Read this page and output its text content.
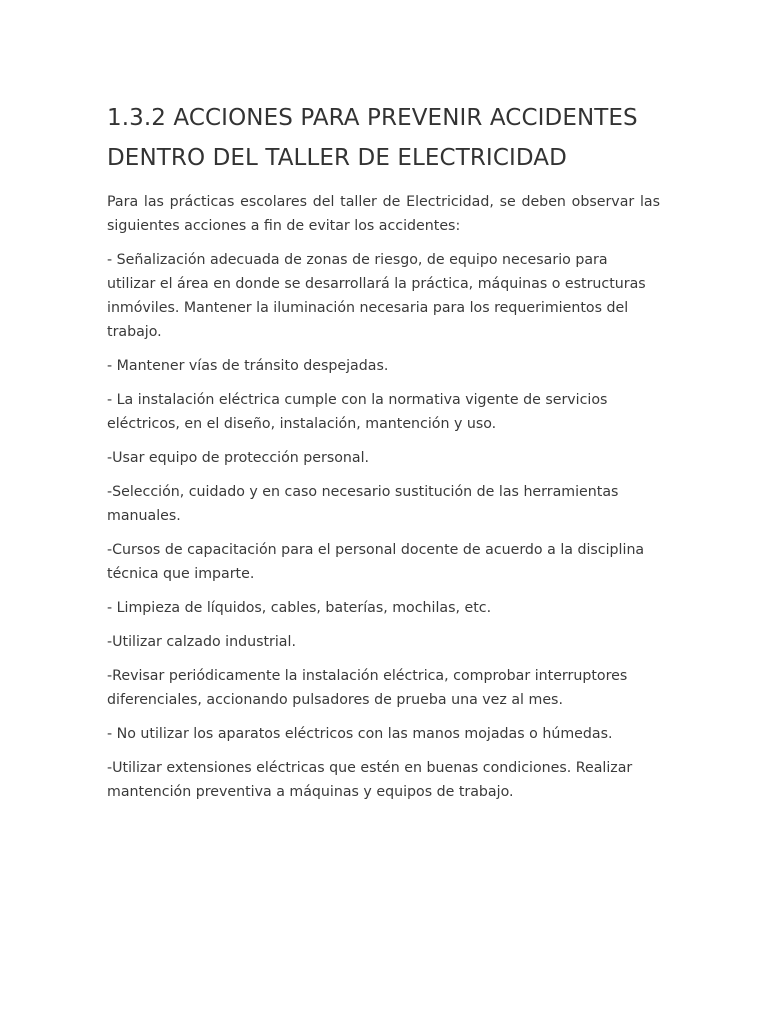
1.3.2 ACCIONES PARA PREVENIR ACCIDENTES DENTRO DEL TALLER DE ELECTRICIDAD

Para las prácticas escolares del taller de Electricidad, se deben observar las siguientes acciones a fin de evitar los accidentes:

- Señalización adecuada de zonas de riesgo, de equipo necesario para utilizar el área en donde se desarrollará la práctica, máquinas o estructuras inmóviles. Mantener la iluminación necesaria para los requerimientos del trabajo.

- Mantener vías de tránsito despejadas.

- La instalación eléctrica cumple con la normativa vigente de servicios eléctricos, en el diseño, instalación, mantención y uso.

-Usar equipo de protección personal.

-Selección, cuidado y en caso necesario sustitución de las herramientas manuales.

-Cursos de capacitación para el personal docente de acuerdo a la disciplina técnica que imparte.

- Limpieza de líquidos, cables, baterías, mochilas, etc.

-Utilizar calzado industrial.

-Revisar periódicamente la instalación eléctrica, comprobar interruptores diferenciales, accionando pulsadores de prueba una vez al mes.

- No utilizar los aparatos eléctricos con las manos mojadas o húmedas.

-Utilizar extensiones eléctricas que estén en buenas condiciones. Realizar mantención preventiva a máquinas y equipos de trabajo.
